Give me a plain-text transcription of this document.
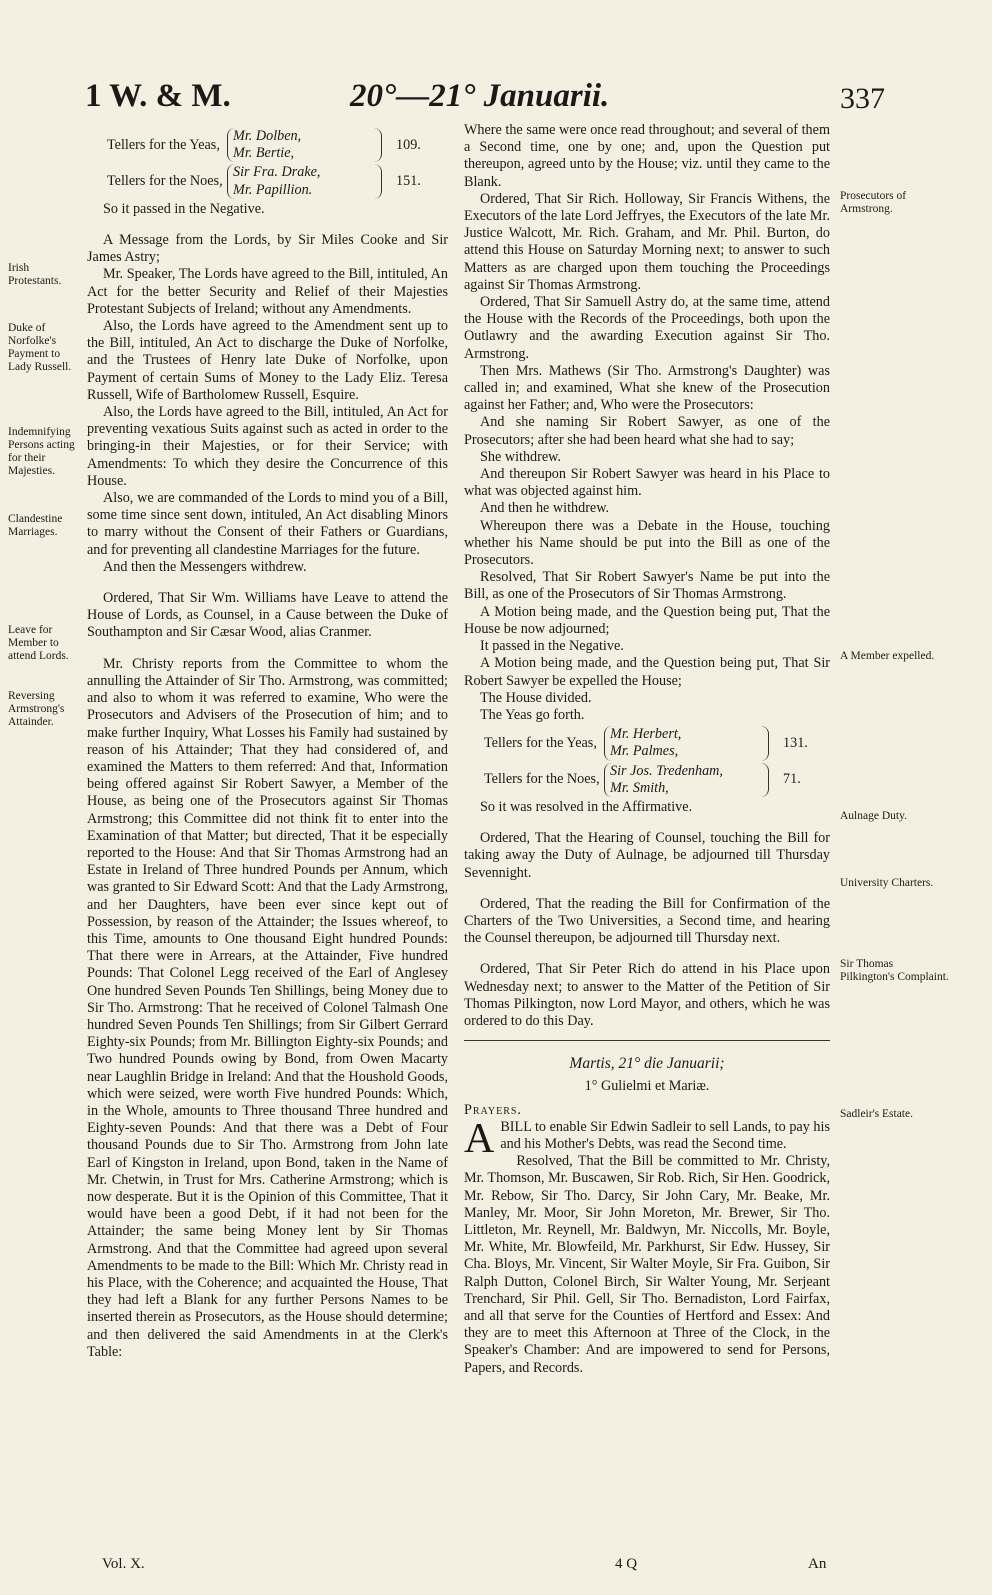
1 W. & M.	20°—21° Januarii.	337
Irish Protestants.
Duke of Norfolke's Payment to Lady Russell.
Indemnifying Persons acting for their Majesties.
Clandestine Marriages.
Leave for Member to attend Lords.
Reversing Armstrong's Attainder.
Prosecutors of Armstrong.
A Member expelled.
Aulnage Duty.
University Charters.
Sir Thomas Pilkington's Complaint.
Sadleir's Estate.
Tellers for the Yeas,
Mr. Dolben,
Mr. Bertie,
109.
Tellers for the Noes,
Sir Fra. Drake,
Mr. Papillion.
151.

So it passed in the Negative.

A Message from the Lords, by Sir Miles Cooke and Sir James Astry;

Mr. Speaker, The Lords have agreed to the Bill, intituled, An Act for the better Security and Relief of their Majesties Protestant Subjects of Ireland; without any Amendments.

Also, the Lords have agreed to the Amendment sent up to the Bill, intituled, An Act to discharge the Duke of Norfolke, and the Trustees of Henry late Duke of Norfolke, upon Payment of certain Sums of Money to the Lady Eliz. Teresa Russell, Wife of Bartholomew Russell, Esquire.

Also, the Lords have agreed to the Bill, intituled, An Act for preventing vexatious Suits against such as acted in order to the bringing-in their Majesties, or for their Service; with Amendments: To which they desire the Concurrence of this House.

Also, we are commanded of the Lords to mind you of a Bill, some time since sent down, intituled, An Act disabling Minors to marry without the Consent of their Fathers or Guardians, and for preventing all clandestine Marriages for the future.

And then the Messengers withdrew.

Ordered, That Sir Wm. Williams have Leave to attend the House of Lords, as Counsel, in a Cause between the Duke of Southampton and Sir Cæsar Wood, alias Cranmer.

Mr. Christy reports from the Committee to whom the annulling the Attainder of Sir Tho. Armstrong, was committed; and also to whom it was referred to examine, Who were the Prosecutors and Advisers of the Prosecution of him; and to make further Inquiry, What Losses his Family had sustained by reason of his Attainder; That they had considered of, and examined the Matters to them referred: And that, Information being offered against Sir Robert Sawyer, a Member of the House, as being one of the Prosecutors against Sir Thomas Armstrong; this Committee did not think fit to enter into the Examination of that Matter; but directed, That it be especially reported to the House: And that Sir Thomas Armstrong had an Estate in Ireland of Three hundred Pounds per Annum, which was granted to Sir Edward Scott: And that the Lady Armstrong, and her Daughters, have been ever since kept out of Possession, by reason of the Attainder; the Issues whereof, to this Time, amounts to One thousand Eight hundred Pounds: That there were in Arrears, at the Attainder, Five hundred Pounds: That Colonel Legg received of the Earl of Anglesey One hundred Seven Pounds Ten Shillings, being Money due to Sir Tho. Armstrong: That he received of Colonel Talmash One hundred Seven Pounds Ten Shillings; from Sir Gilbert Gerrard Eighty-six Pounds; from Mr. Billington Eighty-six Pounds; and Two hundred Pounds owing by Bond, from Owen Macarty near Laughlin Bridge in Ireland: And that the Houshold Goods, which were seized, were worth Five hundred Pounds: Which, in the Whole, amounts to Three thousand Three hundred and Eighty-seven Pounds: And that there was a Debt of Four thousand Pounds due to Sir Tho. Armstrong from John late Earl of Kingston in Ireland, upon Bond, taken in the Name of Mr. Chetwin, in Trust for Mrs. Catherine Armstrong; which is now desperate. But it is the Opinion of this Committee, That it would have been a good Debt, if it had not been for the Attainder; the same being Money lent by Sir Thomas Armstrong. And that the Committee had agreed upon several Amendments to be made to the Bill: Which Mr. Christy read in his Place, with the Coherence; and acquainted the House, That they had left a Blank for any further Persons Names to be inserted therein as Prosecutors, as the House should determine; and then delivered the said Amendments in at the Clerk's Table:

Where the same were once read throughout; and several of them a Second time, one by one; and, upon the Question put thereupon, agreed unto by the House; viz. until they came to the Blank.

Ordered, That Sir Rich. Holloway, Sir Francis Withens, the Executors of the late Lord Jeffryes, the Executors of the late Mr. Justice Walcott, Mr. Rich. Graham, and Mr. Phil. Burton, do attend this House on Saturday Morning next; to answer to such Matters as are charged upon them touching the Proceedings against Sir Thomas Armstrong.

Ordered, That Sir Samuell Astry do, at the same time, attend the House with the Records of the Proceedings, both upon the Outlawry and the awarding Execution against Sir Tho. Armstrong.

Then Mrs. Mathews (Sir Tho. Armstrong's Daughter) was called in; and examined, What she knew of the Prosecution against her Father; and, Who were the Prosecutors:

And she naming Sir Robert Sawyer, as one of the Prosecutors; after she had been heard what she had to say;

She withdrew.

And thereupon Sir Robert Sawyer was heard in his Place to what was objected against him.

And then he withdrew.

Whereupon there was a Debate in the House, touching whether his Name should be put into the Bill as one of the Prosecutors.

Resolved, That Sir Robert Sawyer's Name be put into the Bill, as one of the Prosecutors of Sir Thomas Armstrong.

A Motion being made, and the Question being put, That the House be now adjourned;

It passed in the Negative.

A Motion being made, and the Question being put, That Sir Robert Sawyer be expelled the House;

The House divided.

The Yeas go forth.

Tellers for the Yeas,
Mr. Herbert,
Mr. Palmes,
131.
Tellers for the Noes,
Sir Jos. Tredenham,
Mr. Smith,
71.

So it was resolved in the Affirmative.

Ordered, That the Hearing of Counsel, touching the Bill for taking away the Duty of Aulnage, be adjourned till Thursday Sevennight.

Ordered, That the reading the Bill for Confirmation of the Charters of the Two Universities, a Second time, and hearing the Counsel thereupon, be adjourned till Thursday next.

Ordered, That Sir Peter Rich do attend in his Place upon Wednesday next; to answer to the Matter of the Petition of Sir Thomas Pilkington, now Lord Mayor, and others, which he was ordered to do this Day.

Martis, 21° die Januarii;
1° Gulielmi et Mariæ.
Prayers.

ABILL to enable Sir Edwin Sadleir to sell Lands, to pay his and his Mother's Debts, was read the Second time.

Resolved, That the Bill be committed to Mr. Christy, Mr. Thomson, Mr. Buscawen, Sir Rob. Rich, Sir Hen. Goodrick, Mr. Rebow, Sir Tho. Darcy, Sir John Cary, Mr. Beake, Mr. Manley, Mr. Moor, Sir John Moreton, Mr. Brewer, Sir Tho. Littleton, Mr. Reynell, Mr. Baldwyn, Mr. Niccolls, Mr. Boyle, Mr. White, Mr. Blowfeild, Mr. Parkhurst, Sir Edw. Hussey, Sir Cha. Bloys, Mr. Vincent, Sir Walter Moyle, Sir Fra. Guibon, Sir Ralph Dutton, Colonel Birch, Sir Walter Young, Mr. Serjeant Trenchard, Sir Phil. Gell, Sir Tho. Bernadiston, Lord Fairfax, and all that serve for the Counties of Hertford and Essex: And they are to meet this Afternoon at Three of the Clock, in the Speaker's Chamber: And are impowered to send for Persons, Papers, and Records.

Vol. X.	4 Q	An
